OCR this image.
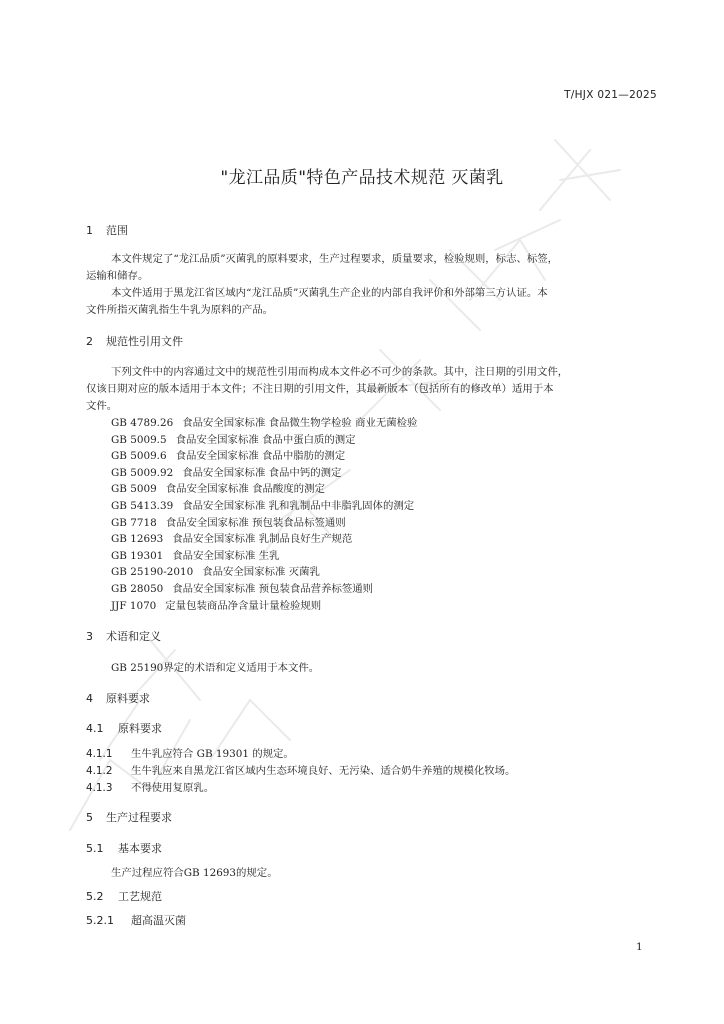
T/HJX 021—2025
"龙江品质"特色产品技术规范 灭菌乳
1 范围
本文件规定了“龙江品质”灭菌乳的原料要求，生产过程要求，质量要求，检验规则，标志、标签，
运输和储存。
本文件适用于黑龙江省区域内“龙江品质”灭菌乳生产企业的内部自我评价和外部第三方认证。本
文件所指灭菌乳指生牛乳为原料的产品。
2 规范性引用文件
下列文件中的内容通过文中的规范性引用而构成本文件必不可少的条款。其中，注日期的引用文件，
仅该日期对应的版本适用于本文件；不注日期的引用文件，其最新版本（包括所有的修改单）适用于本
文件。
GB 4789.26 食品安全国家标准 食品微生物学检验 商业无菌检验
GB 5009.5 食品安全国家标准 食品中蛋白质的测定
GB 5009.6 食品安全国家标准 食品中脂肪的测定
GB 5009.92 食品安全国家标准 食品中钙的测定
GB 5009 食品安全国家标准 食品酸度的测定
GB 5413.39 食品安全国家标准 乳和乳制品中非脂乳固体的测定
GB 7718 食品安全国家标准 预包装食品标签通则
GB 12693 食品安全国家标准 乳制品良好生产规范
GB 19301 食品安全国家标准 生乳
GB 25190-2010 食品安全国家标准 灭菌乳
GB 28050 食品安全国家标准 预包装食品营养标签通则
JJF 1070 定量包装商品净含量计量检验规则
3 术语和定义
GB 25190界定的术语和定义适用于本文件。
4 原料要求
4.1 原料要求
4.1.1 生牛乳应符合 GB 19301 的规定。
4.1.2 生牛乳应来自黑龙江省区域内生态环境良好、无污染、适合奶牛养殖的规模化牧场。
4.1.3 不得使用复原乳。
5 生产过程要求
5.1 基本要求
生产过程应符合GB 12693的规定。
5.2 工艺规范
5.2.1 超高温灭菌
1
